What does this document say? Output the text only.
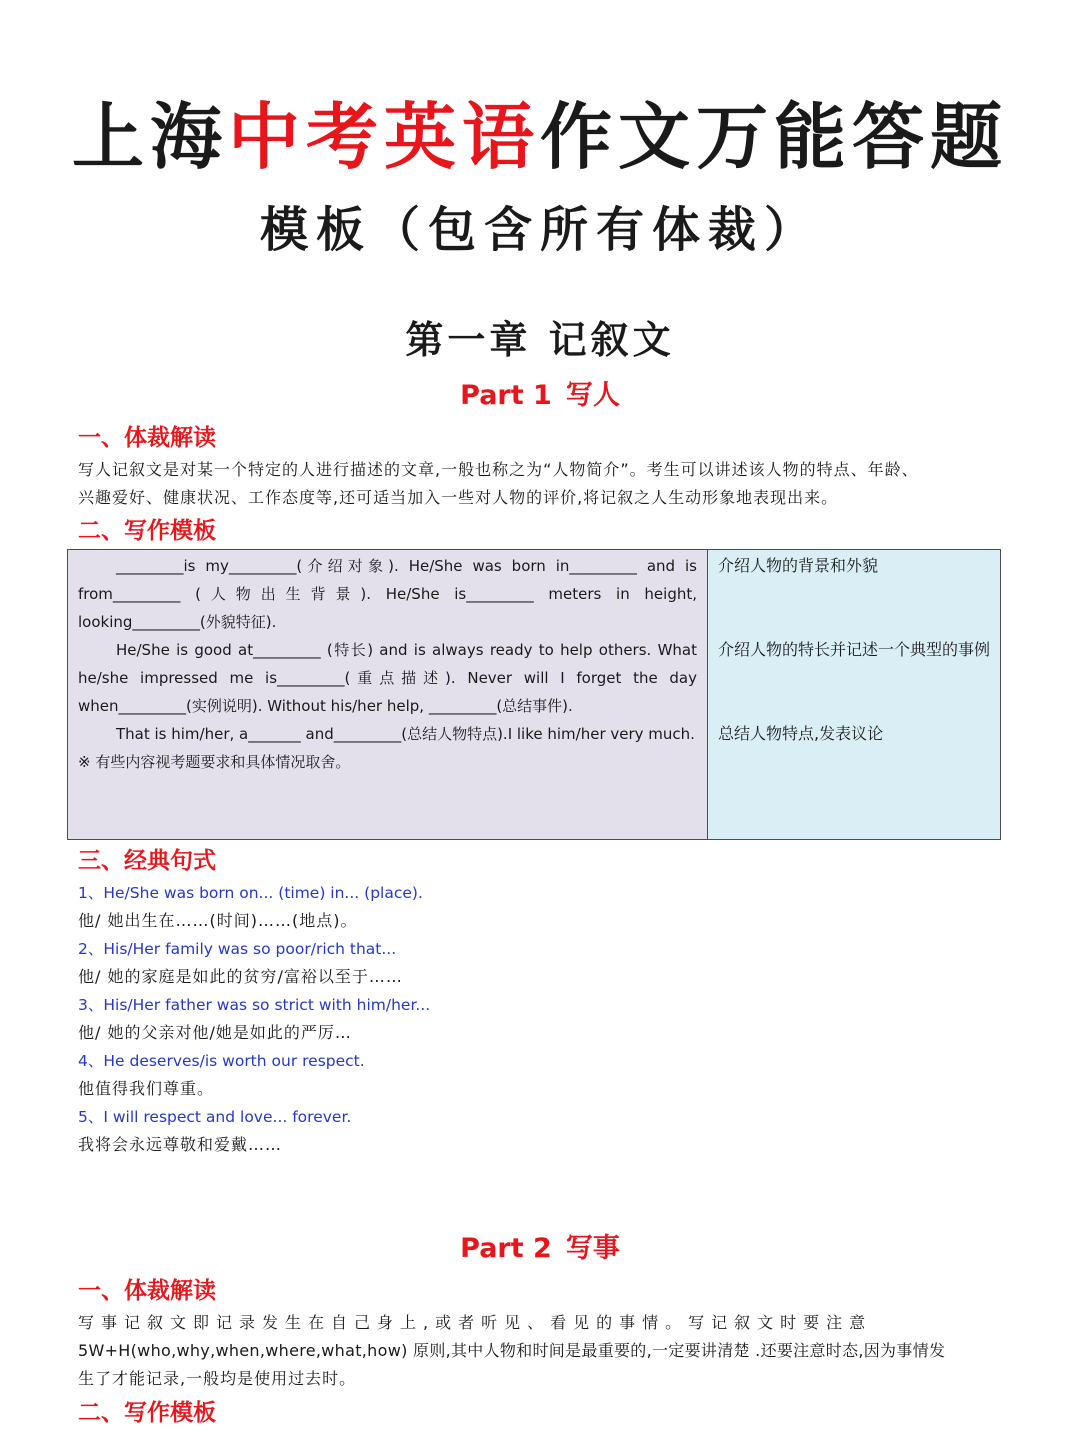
上海中考英语作文万能答题
模板（包含所有体裁）
第一章 记叙文
Part 1 写人
一、体裁解读
写人记叙文是对某一个特定的人进行描述的文章,一般也称之为“人物简介”。考生可以讲述该人物的特点、年龄、
兴趣爱好、健康状况、工作态度等,还可适当加入一些对人物的评价,将记叙之人生动形象地表现出来。
二、写作模板

_________is my_________(介绍对象). He/She was born in_________ and is from_________ (人物出生背景). He/She is_________ meters in height, looking_________(外貌特征).

He/She is good at_________ (特长) and is always ready to help others. What he/she impressed me is_________(重点描述). Never will I forget the day when_________(实例说明). Without his/her help, _________(总结事件).

That is him/her, a_______ and_________(总结人物特点).I like him/her very much.

※ 有些内容视考题要求和具体情况取舍。

介绍人物的背景和外貌
介绍人物的特长并记述一个典型的事例
总结人物特点,发表议论
三、经典句式
1、He/She was born on... (time) in... (place).
他/ 她出生在……(时间)……(地点)。
2、His/Her family was so poor/rich that...
他/ 她的家庭是如此的贫穷/富裕以至于……
3、His/Her father was so strict with him/her...
他/ 她的父亲对他/她是如此的严厉…
4、He deserves/is worth our respect.
他值得我们尊重。
5、I will respect and love... forever.
我将会永远尊敬和爱戴……
Part 2 写事
一、体裁解读
写事记叙文即记录发生在自己身上,或者听见、看见的事情。写记叙文时要注意
5W+H(who,why,when,where,what,how) 原则,其中人物和时间是最重要的,一定要讲清楚 .还要注意时态,因为事情发
生了才能记录,一般均是使用过去时。
二、写作模板
